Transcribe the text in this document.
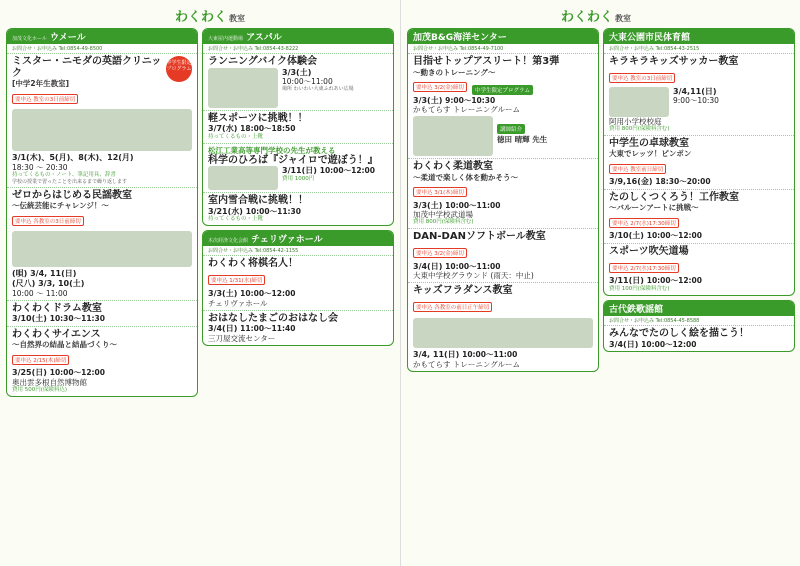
わくわく 教室
加茂文化ホール ウメール
お問合せ・お申込み Tel:0854-49-8500
中学生限定プログラム
ミスター・ニモダの英語クリニック
[中学2年生教室]
要申込 教室の3日前締切
3/1(木)、5(月)、8(木)、12(月)
18:30 〜 20:30
持ってくるもの・ノート、筆記用具、辞書
学校の授業で習ったことを出来るまで繰り返します
ゼロからはじめる民謡教室
〜伝統芸能にチャレンジ！〜
要申込 各教室の3日前締切
(唄) 3/4, 11(日)
(尺八) 3/3, 10(土)
10:00 〜 11:00
わくわくドラム教室
3/10(土) 10:30〜11:30
わくわくサイエンス
〜自然界の結晶と結晶づくり〜
要申込 2/15(木)締切
3/25(日) 10:00〜12:00
奥出雲多根自然博物館
費用 500円(保険料込)
大東屋内運動場 アスパル
お問合せ・お申込み Tel:0854-43-8222
ランニングバイク体験会
3/3(土)
10:00〜11:00
場所 わいわい大東ふれあい広場
軽スポーツに挑戦！！
3/7(水) 18:00〜18:50
持ってくるもの・上靴
松江工業高等専門学校の先生が教える
科学のひろば『ジャイロで遊ぼう！』
3/11(日) 10:00〜12:00
費用 1000円
室内雪合戦に挑戦！！
3/21(水) 10:00〜11:30
持ってくるもの・上靴
木次経済文化会館 チェリヴァホール
お問合せ・お申込み Tel:0854-42-1155
わくわく将棋名人！
要申込 1/31(水)締切
3/3(土) 10:00〜12:00
チェリヴァホール
おはなしたまごのおはなし会
3/4(日) 11:00〜11:40
三刀屋交流センター
わくわく 教室
加茂B&G海洋センター
お問合せ・お申込み Tel:0854-49-7100
目指せトップアスリート！第3弾
〜動きのトレーニング〜
要申込 3/2(金)締切 中学生限定プログラム
3/3(土) 9:00〜10:30
かもてらす トレーニングルーム
講師紹介
徳田 晴輝 先生
わくわく柔道教室
〜柔道で楽しく体を動かそう〜
要申込 3/1(木)締切
3/3(土) 10:00〜11:00
加茂中学校武道場
費用 800円(保険料含む)
DAN-DANソフトボール教室
要申込 3/2(金)締切
3/4(日) 10:00〜11:00
大東中学校グラウンド (雨天：中止)
キッズフラダンス教室
要申込 各教室の前日正午締切
3/4, 11(日) 10:00〜11:00
かもてらす トレーニングルーム
大東公園市民体育館
お問合せ・お申込み Tel:0854-43-2515
キラキラキッズサッカー教室
要申込 教室の3日前締切
3/4,11(日)
9:00〜10:30
阿用小学校校庭
費用 800円(保険料含む)
中学生の卓球教室
大東でレッツ！ピンポン
要申込 教室前日締切
3/9,16(金) 18:30〜20:00
たのしくつくろう！工作教室
〜バルーンアートに挑戦〜
要申込 2/7(水)17:30締切
3/10(土) 10:00〜12:00
スポーツ吹矢道場
要申込 2/7(水)17:30締切
3/11(日) 10:00〜12:00
費用 100円(保険料含む)
古代鉄歌謡館
お問合せ・お申込み Tel:0854-45-8588
みんなでたのしく絵を描こう！
3/4(日) 10:00〜12:00
